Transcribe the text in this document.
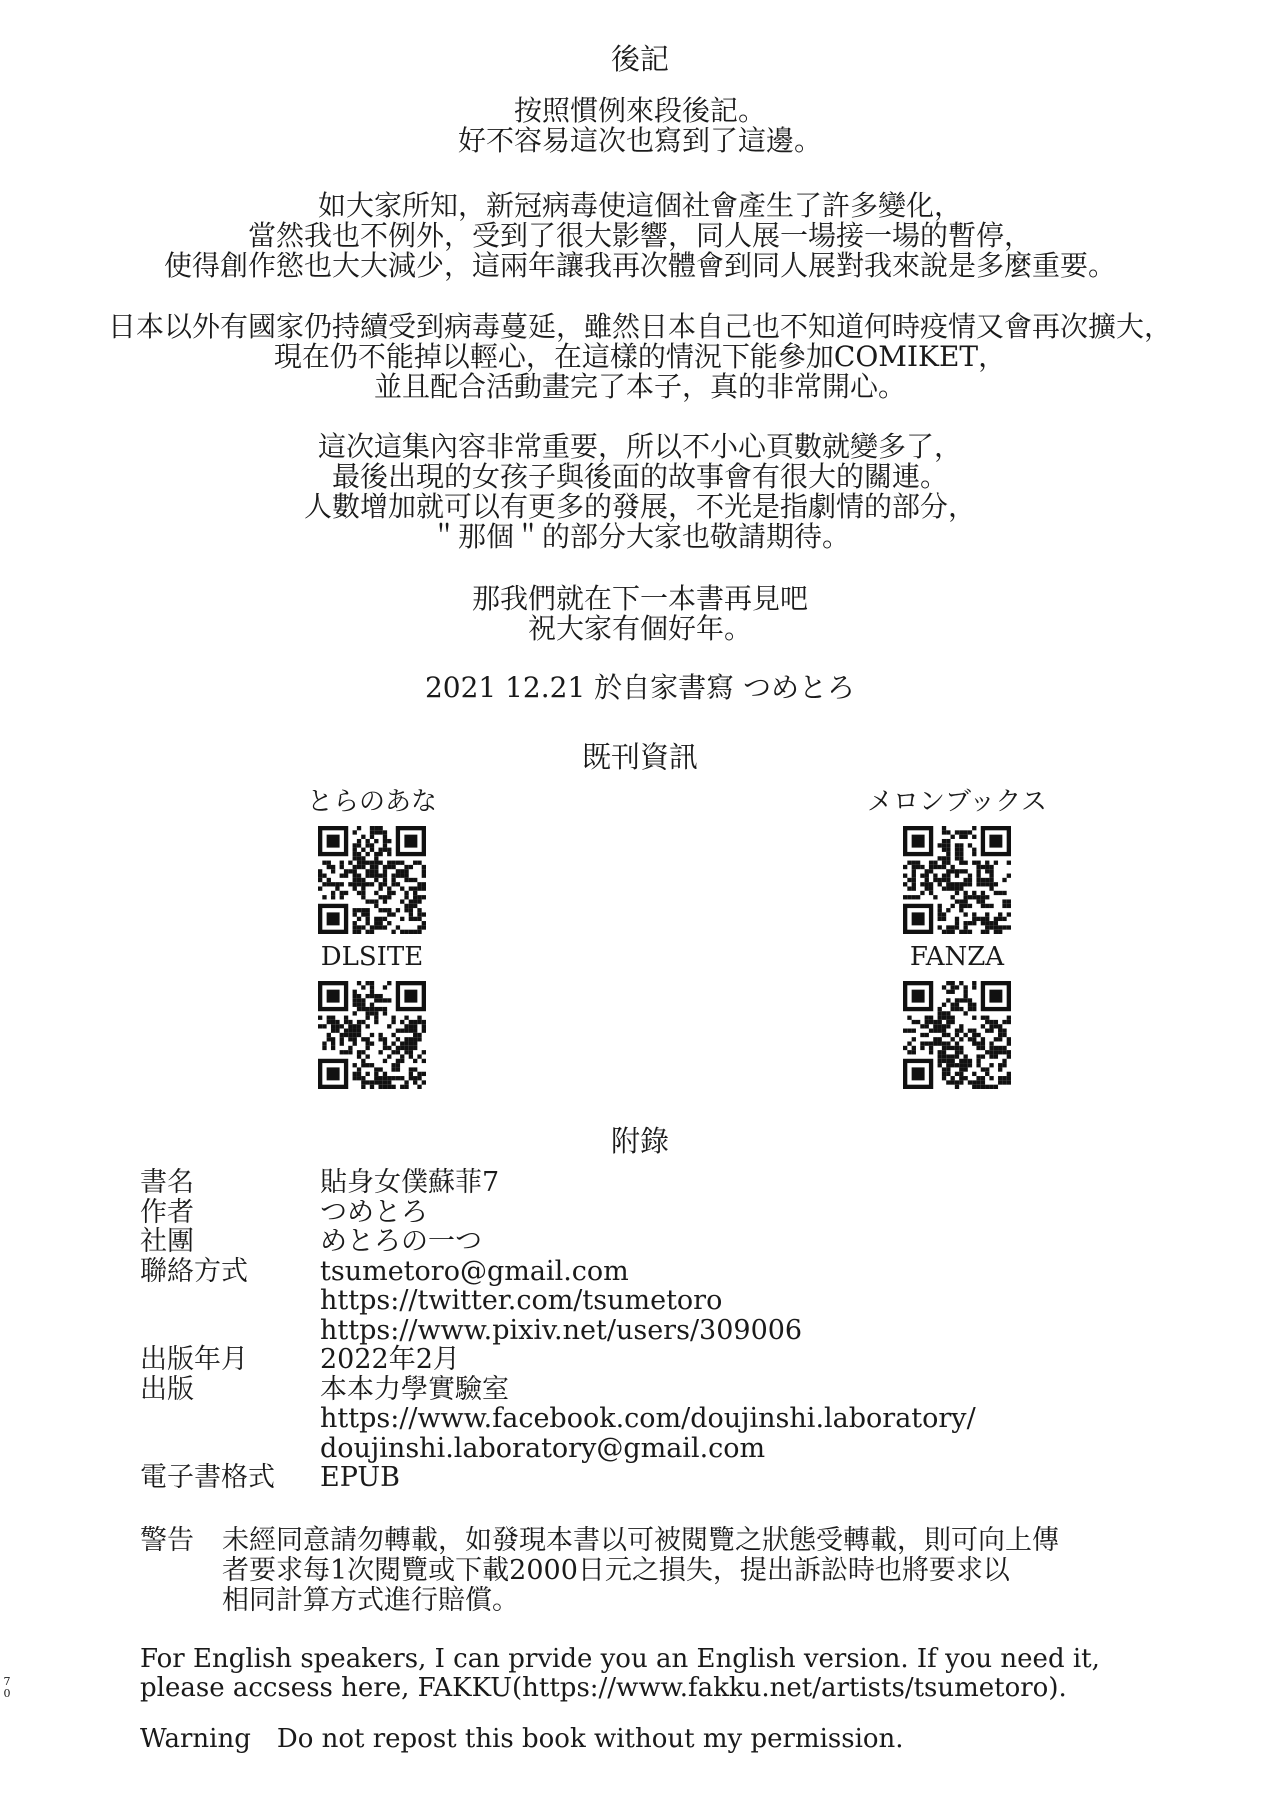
後記
按照慣例來段後記。
好不容易這次也寫到了這邊。
如大家所知，新冠病毒使這個社會產生了許多變化，
當然我也不例外，受到了很大影響，同人展一場接一場的暫停，
使得創作慾也大大減少，這兩年讓我再次體會到同人展對我來說是多麼重要。
日本以外有國家仍持續受到病毒蔓延，雖然日本自己也不知道何時疫情又會再次擴大，
現在仍不能掉以輕心，在這樣的情況下能參加COMIKET，
並且配合活動畫完了本子，真的非常開心。
這次這集內容非常重要，所以不小心頁數就變多了，
最後出現的女孩子與後面的故事會有很大的關連。
人數增加就可以有更多的發展，不光是指劇情的部分，
＂那個＂的部分大家也敬請期待。
那我們就在下一本書再見吧
祝大家有個好年。
2021 12.21 於自家書寫 つめとろ
既刊資訊
とらのあな	メロンブックス
DLSITE	FANZA
附錄
書名	貼身女僕蘇菲7
作者	つめとろ
社團	めとろの一つ
聯絡方式	tsumetoro@gmail.com
https://twitter.com/tsumetoro
https://www.pixiv.net/users/309006
出版年月	2022年2月
出版	本本力學實驗室
https://www.facebook.com/doujinshi.laboratory/
doujinshi.laboratory@gmail.com
電子書格式 EPUB
警告 未經同意請勿轉載，如發現本書以可被閱覽之狀態受轉載，則可向上傳
者要求每1次閱覽或下載2000日元之損失，提出訴訟時也將要求以
相同計算方式進行賠償。
For English speakers, I can prvide you an English version. If you need it,
please accsess here, FAKKU(https://www.fakku.net/artists/tsumetoro).
Warning　Do not repost this book without my permission.
7
0
